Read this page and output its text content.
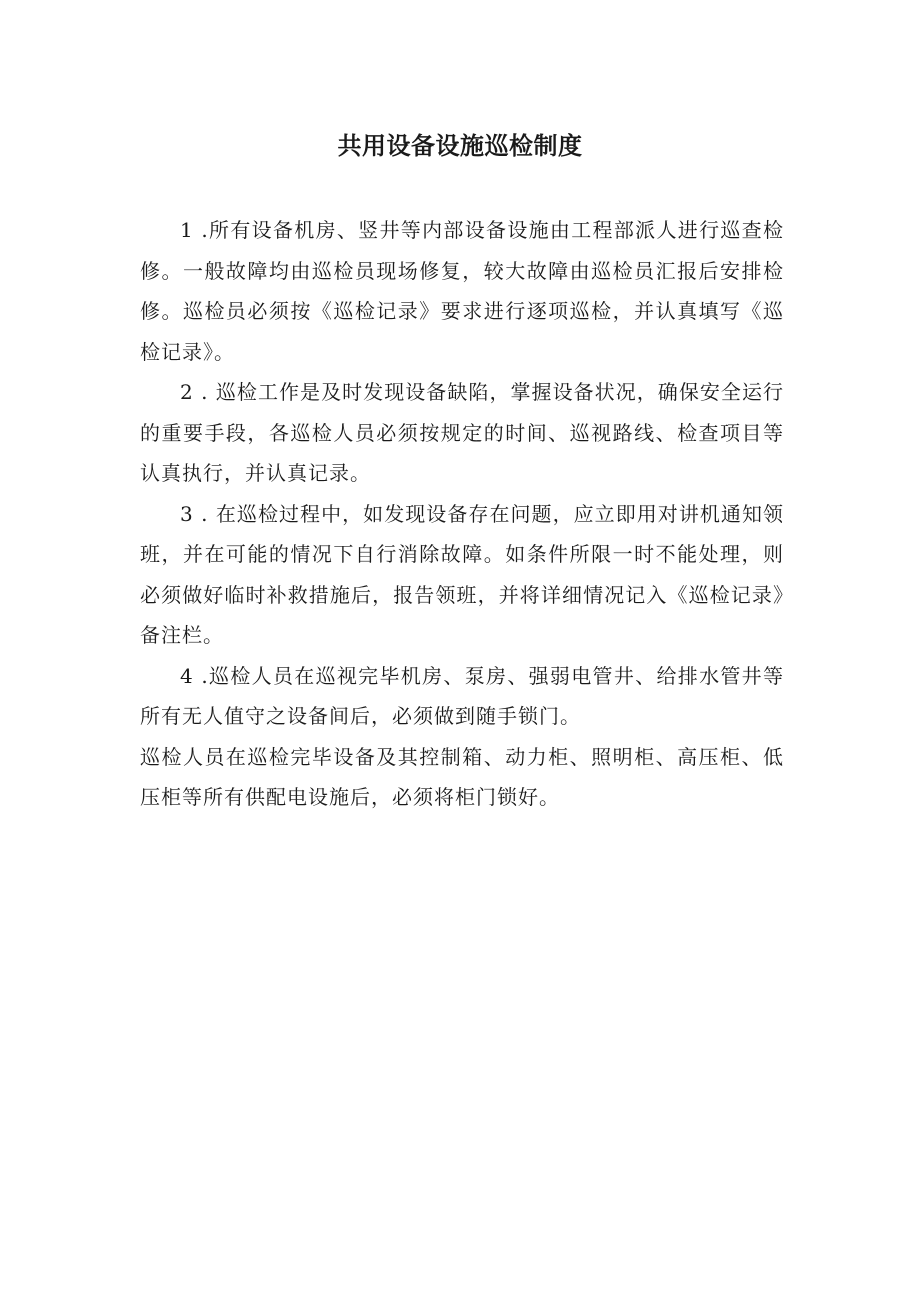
共用设备设施巡检制度

1 .所有设备机房、竖井等内部设备设施由工程部派人进行巡查检修。一般故障均由巡检员现场修复，较大故障由巡检员汇报后安排检修。巡检员必须按《巡检记录》要求进行逐项巡检，并认真填写《巡检记录》。

2 . 巡检工作是及时发现设备缺陷，掌握设备状况，确保安全运行的重要手段，各巡检人员必须按规定的时间、巡视路线、检查项目等认真执行，并认真记录。

3 . 在巡检过程中，如发现设备存在问题，应立即用对讲机通知领班，并在可能的情况下自行消除故障。如条件所限一时不能处理，则必须做好临时补救措施后，报告领班，并将详细情况记入《巡检记录》备注栏。

4 .巡检人员在巡视完毕机房、泵房、强弱电管井、给排水管井等所有无人值守之设备间后，必须做到随手锁门。

巡检人员在巡检完毕设备及其控制箱、动力柜、照明柜、高压柜、低压柜等所有供配电设施后，必须将柜门锁好。
